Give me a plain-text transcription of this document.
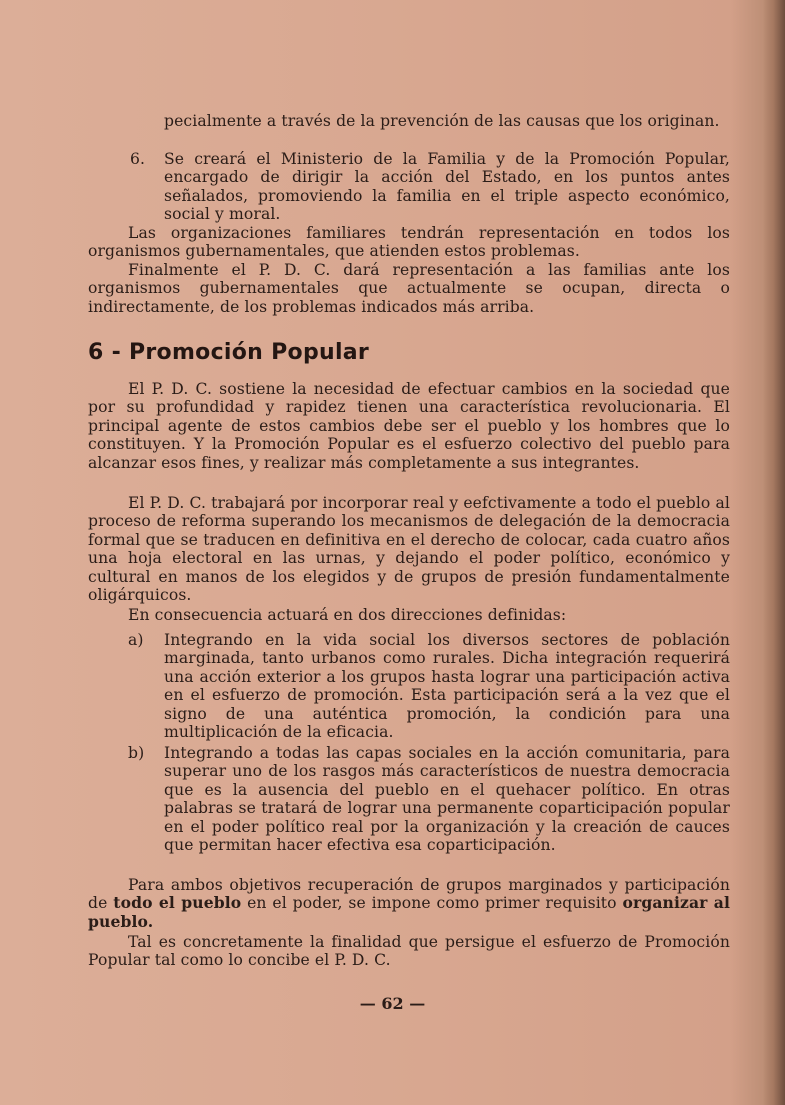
pecialmente a través de la prevención de las causas que los originan.
6. Se creará el Ministerio de la Familia y de la Promoción Popular, encargado de dirigir la acción del Estado, en los puntos antes señalados, promoviendo la familia en el triple aspecto económico, social y moral.
Las organizaciones familiares tendrán representación en todos los organismos gubernamentales, que atienden estos problemas.
Finalmente el P. D. C. dará representación a las familias ante los organismos gubernamentales que actualmente se ocupan, directa o indirectamente, de los problemas indicados más arriba.
6 - Promoción Popular
El P. D. C. sostiene la necesidad de efectuar cambios en la sociedad que por su profundidad y rapidez tienen una característica revolucionaria. El principal agente de estos cambios debe ser el pueblo y los hombres que lo constituyen. Y la Promoción Popular es el esfuerzo colectivo del pueblo para alcanzar esos fines, y realizar más completamente a sus integrantes.
El P. D. C. trabajará por incorporar real y eefctivamente a todo el pueblo al proceso de reforma superando los mecanismos de delegación de la democracia formal que se traducen en definitiva en el derecho de colocar, cada cuatro años una hoja electoral en las urnas, y dejando el poder político, económico y cultural en manos de los elegidos y de grupos de presión fundamentalmente oligárquicos.
En consecuencia actuará en dos direcciones definidas:
a) Integrando en la vida social los diversos sectores de población marginada, tanto urbanos como rurales. Dicha integración requerirá una acción exterior a los grupos hasta lograr una participación activa en el esfuerzo de promoción. Esta participación será a la vez que el signo de una auténtica promoción, la condición para una multiplicación de la eficacia.
b) Integrando a todas las capas sociales en la acción comunitaria, para superar uno de los rasgos más característicos de nuestra democracia que es la ausencia del pueblo en el quehacer político. En otras palabras se tratará de lograr una permanente coparticipación popular en el poder político real por la organización y la creación de cauces que permitan hacer efectiva esa coparticipación.
Para ambos objetivos recuperación de grupos marginados y participación de todo el pueblo en el poder, se impone como primer requisito organizar al pueblo.
Tal es concretamente la finalidad que persigue el esfuerzo de Promoción Popular tal como lo concibe el P. D. C.
— 62 —
